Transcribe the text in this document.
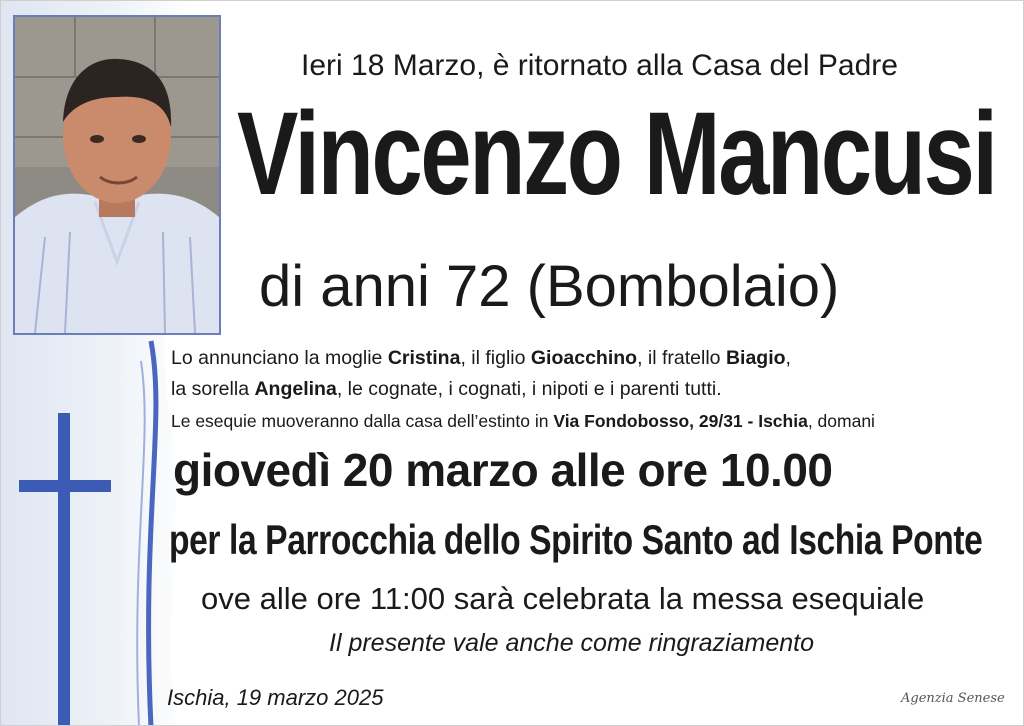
Ieri 18 Marzo, è ritornato alla Casa del Padre

Vincenzo Mancusi

di anni 72 (Bombolaio)

Lo annunciano la moglie Cristina, il figlio Gioacchino, il fratello Biagio,

la sorella Angelina, le cognate, i cognati, i nipoti e i parenti tutti.

Le esequie muoveranno dalla casa dell’estinto in Via Fondobosso, 29/31 - Ischia, domani

giovedì 20 marzo alle ore 10.00

per la Parrocchia dello Spirito Santo ad Ischia Ponte

ove alle ore 11:00 sarà celebrata la messa esequiale

Il presente vale anche come ringraziamento

Ischia, 19 marzo 2025	Agenzia Senese
